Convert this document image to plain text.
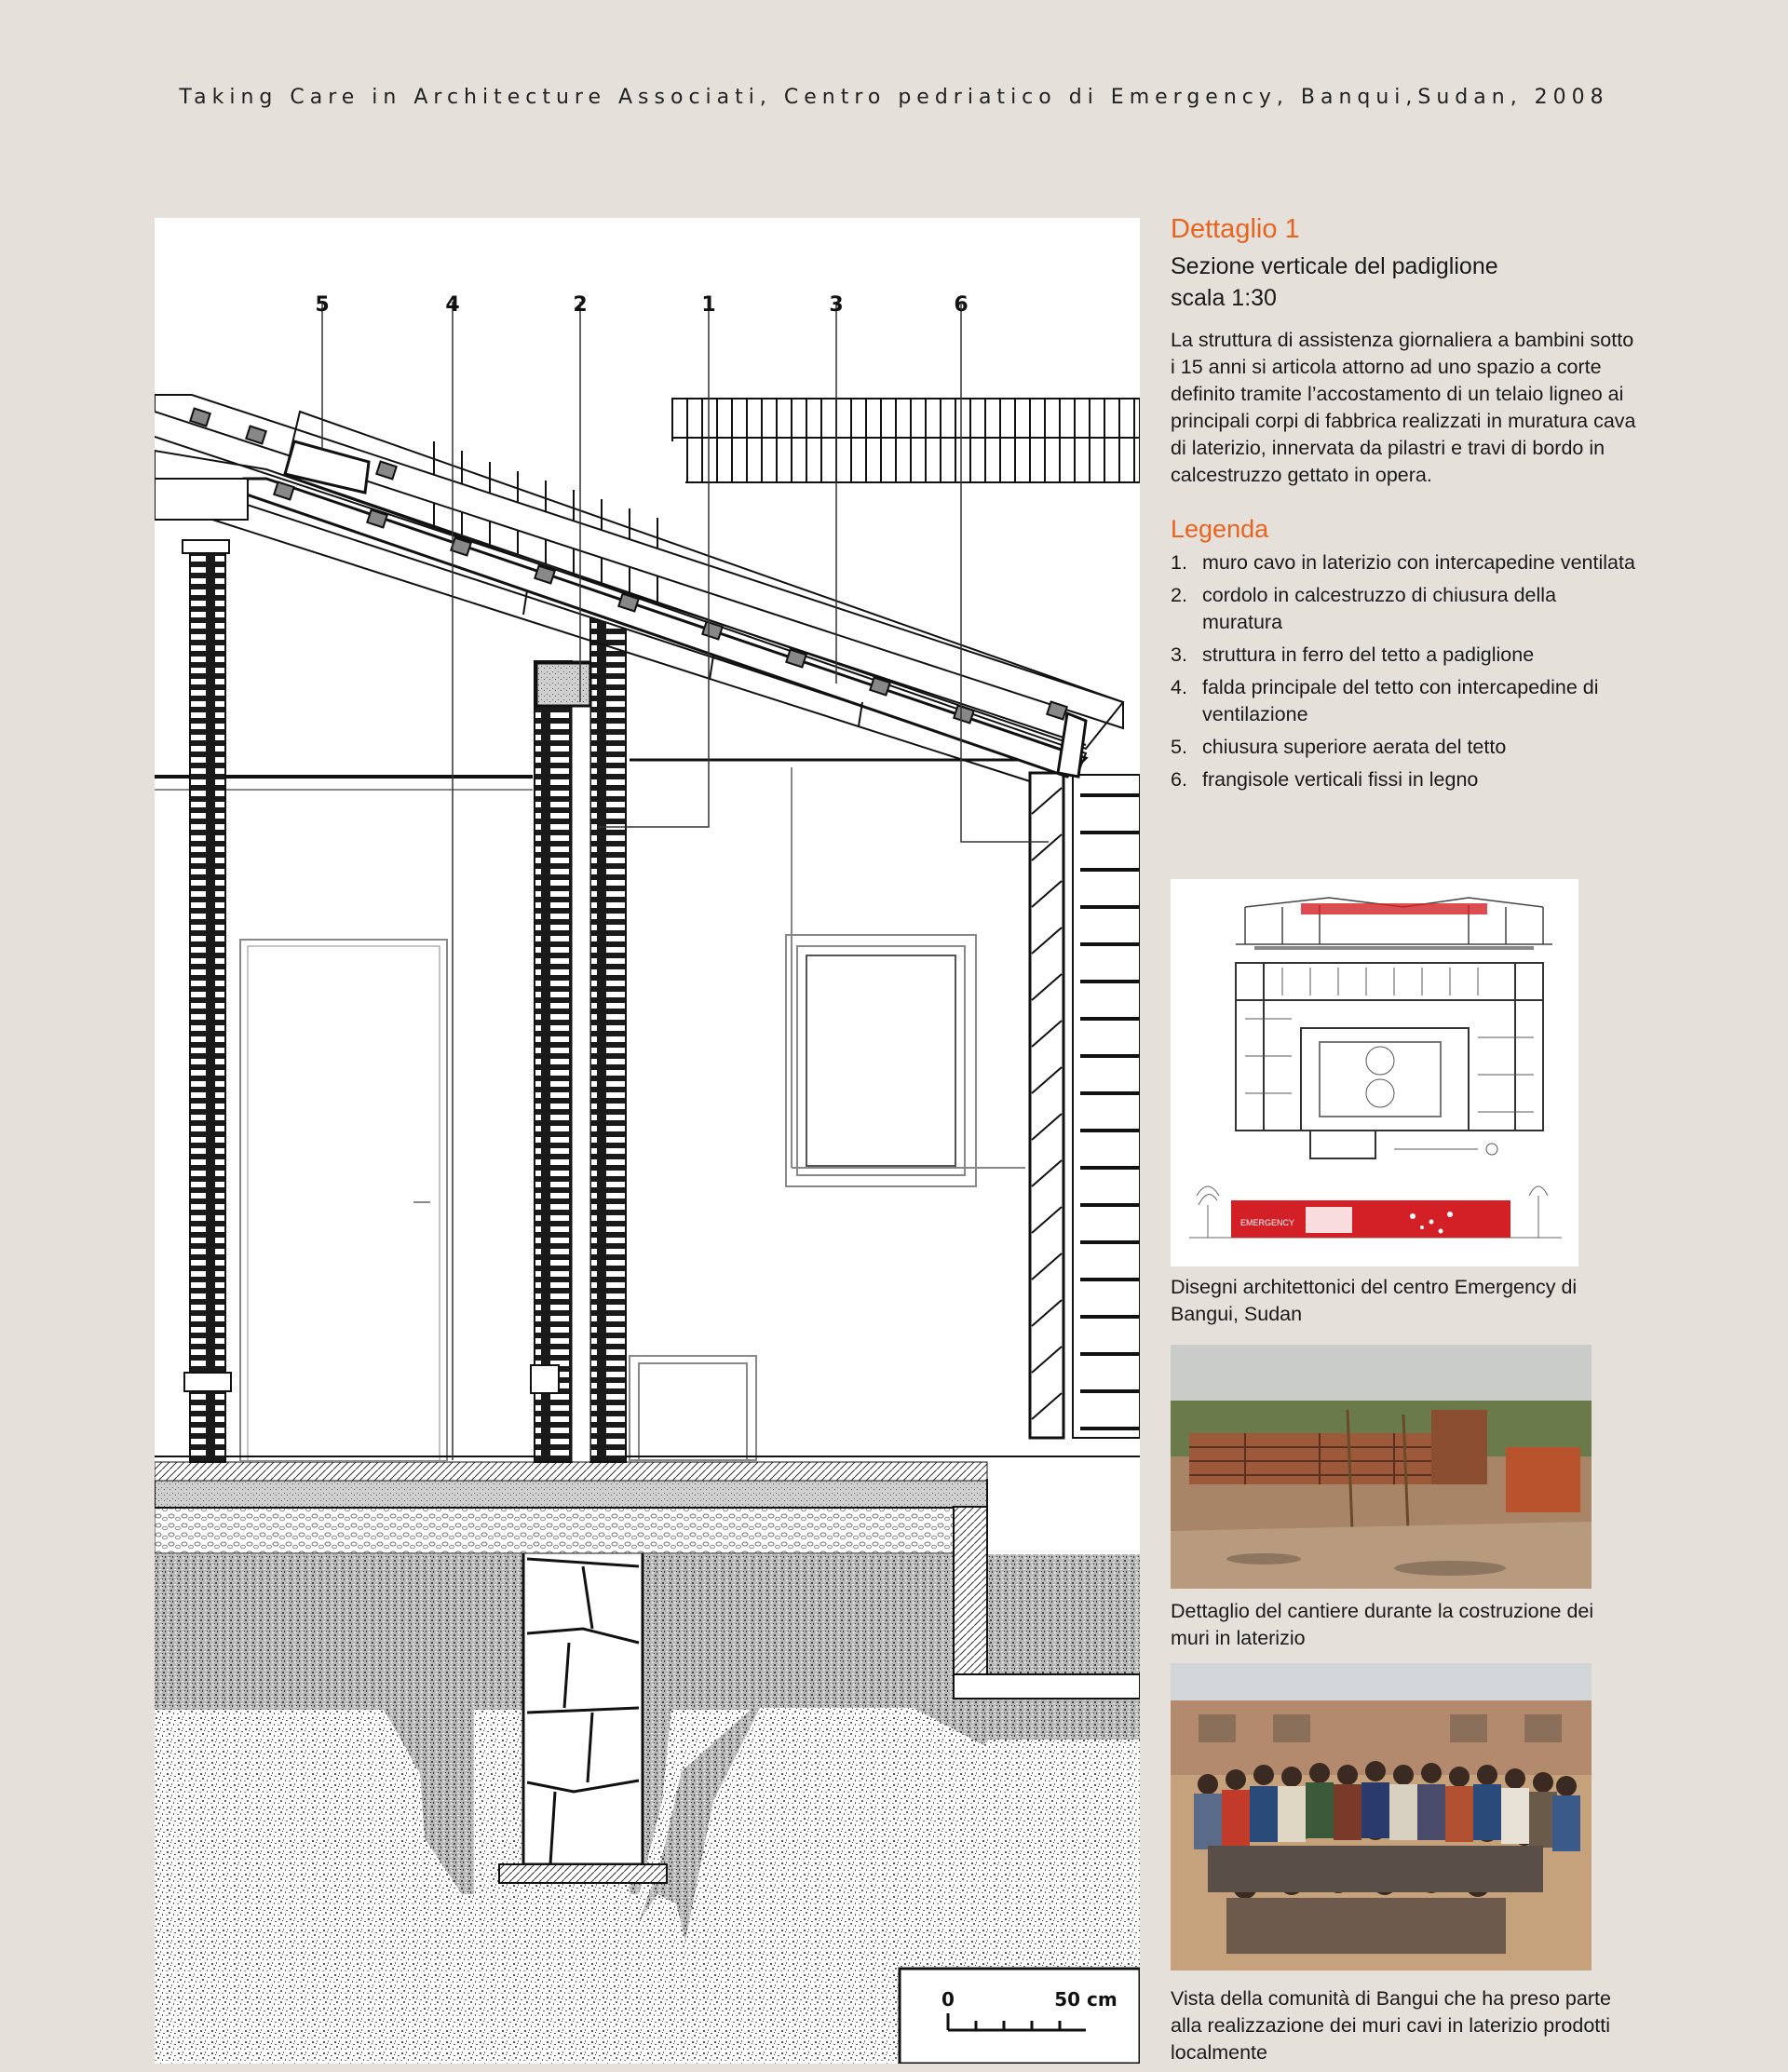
Taking Care in Architecture Associati, Centro pedriatico di Emergency, Banqui,Sudan, 2008
5	4	2	1	3	6
0	50 cm
Dettaglio 1
Sezione verticale del padiglione
scala 1:30
La struttura di assistenza giornaliera a bambini sotto i 15 anni si articola attorno ad uno spazio a corte definito tramite l’accostamento di un telaio ligneo ai principali corpi di fabbrica realizzati in muratura cava di laterizio, innervata da pilastri e travi di bordo in calcestruzzo gettato in opera.
Legenda
1. muro cavo in laterizio con intercapedine ventilata
2. cordolo in calcestruzzo di chiusura della muratura
3. struttura in ferro del tetto a padiglione
4. falda principale del tetto con intercapedine di ventilazione
5. chiusura superiore aerata del tetto
6. frangisole verticali fissi in legno
EMERGENCY
Disegni architettonici del centro Emergency di Bangui, Sudan
Dettaglio del cantiere durante la costruzione dei muri in laterizio
Vista della comunità di Bangui che ha preso parte alla realizzazione dei muri cavi in laterizio prodotti localmente
